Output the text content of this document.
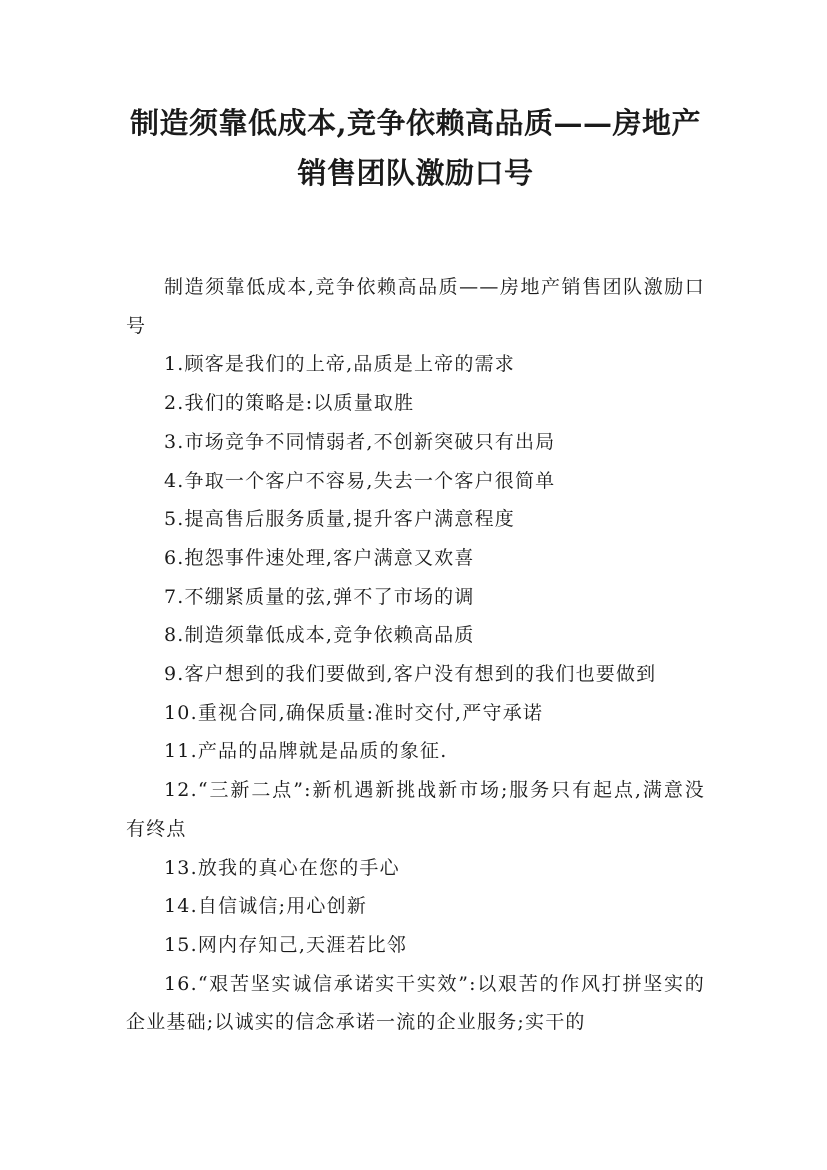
制造须靠低成本,竞争依赖高品质——房地产销售团队激励口号

制造须靠低成本,竞争依赖高品质——房地产销售团队激励口号

1.顾客是我们的上帝,品质是上帝的需求

2.我们的策略是:以质量取胜

3.市场竞争不同情弱者,不创新突破只有出局

4.争取一个客户不容易,失去一个客户很简单

5.提高售后服务质量,提升客户满意程度

6.抱怨事件速处理,客户满意又欢喜

7.不绷紧质量的弦,弹不了市场的调

8.制造须靠低成本,竞争依赖高品质

9.客户想到的我们要做到,客户没有想到的我们也要做到

10.重视合同,确保质量:准时交付,严守承诺

11.产品的品牌就是品质的象征.

12.“三新二点”:新机遇新挑战新市场;服务只有起点,满意没有终点

13.放我的真心在您的手心

14.自信诚信;用心创新

15.网内存知己,天涯若比邻

16.“艰苦坚实诚信承诺实干实效”:以艰苦的作风打拼坚实的企业基础;以诚实的信念承诺一流的企业服务;实干的
